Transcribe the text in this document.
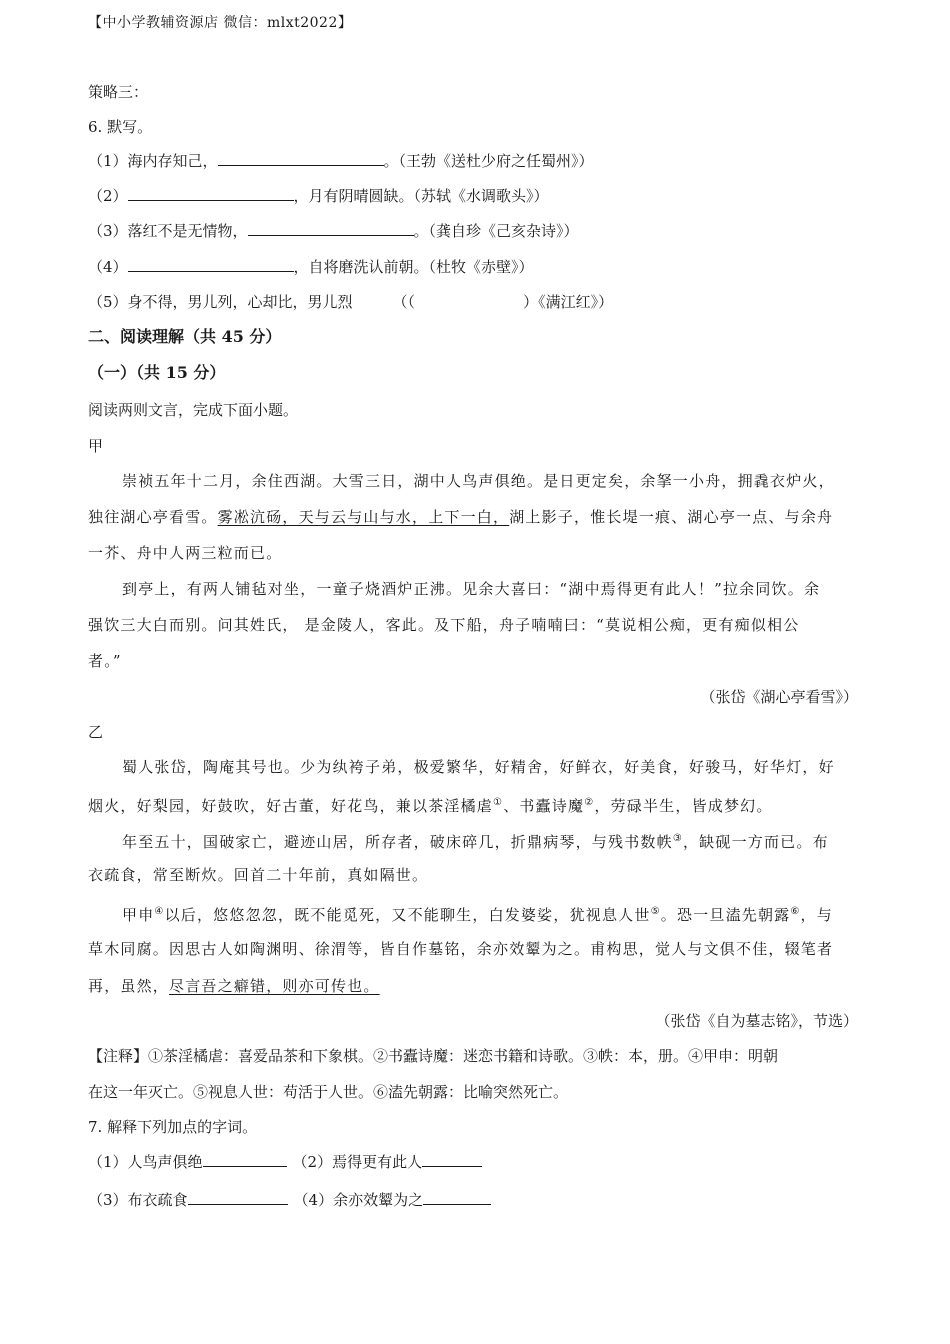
【中小学教辅资源店 微信：mlxt2022】
策略三：
6. 默写。
（1）海内存知己，	。（王勃《送杜少府之任蜀州》）
（2）	，月有阴晴圆缺。（苏轼《水调歌头》）
（3）落红不是无情物，	。（龚自珍《己亥杂诗》）
（4）	，自将磨洗认前朝。（杜牧《赤壁》）
（5）身不得，男儿列，心却比，男儿烈	（（	）《满江红》）
二、阅读理解（共 45 分）
（一）（共 15 分）
阅读两则文言，完成下面小题。
甲
崇祯五年十二月，余住西湖。大雪三日，湖中人鸟声俱绝。是日更定矣，余拏一小舟，拥毳衣炉火，
独往湖心亭看雪。雾凇沆砀，天与云与山与水，上下一白，湖上影子，惟长堤一痕、湖心亭一点、与余舟
一芥、舟中人两三粒而已。
到亭上，有两人铺毡对坐，一童子烧酒炉正沸。见余大喜曰：“湖中焉得更有此人！”拉余同饮。余
强饮三大白而别。问其姓氏， 是金陵人，客此。及下船，舟子喃喃曰：“莫说相公痴，更有痴似相公
者。”
（张岱《湖心亭看雪》）
乙
蜀人张岱，陶庵其号也。少为纨袴子弟，极爱繁华，好精舍，好鲜衣，好美食，好骏马，好华灯，好
烟火，好梨园，好鼓吹，好古董，好花鸟，兼以茶淫橘虐①、书蠹诗魔②，劳碌半生，皆成梦幻。
年至五十，国破家亡，避迹山居，所存者，破床碎几，折鼎病琴，与残书数帙③，缺砚一方而已。布
衣疏食，常至断炊。回首二十年前，真如隔世。
甲申④以后，悠悠忽忽，既不能觅死，又不能聊生，白发婆娑，犹视息人世⑤。恐一旦溘先朝露⑥，与
草木同腐。因思古人如陶渊明、徐渭等，皆自作墓铭，余亦效颦为之。甫构思，觉人与文俱不佳，辍笔者
再，虽然，尽言吾之癖错，则亦可传也。
（张岱《自为墓志铭》，节选）
【注释】①茶淫橘虐：喜爱品茶和下象棋。②书蠹诗魔：迷恋书籍和诗歌。③帙：本，册。④甲申：明朝
在这一年灭亡。⑤视息人世：苟活于人世。⑥溘先朝露：比喻突然死亡。
7. 解释下列加点的字词。
（1）人鸟声俱绝	（2）焉得更有此人
（3）布衣疏食	（4）余亦效颦为之
